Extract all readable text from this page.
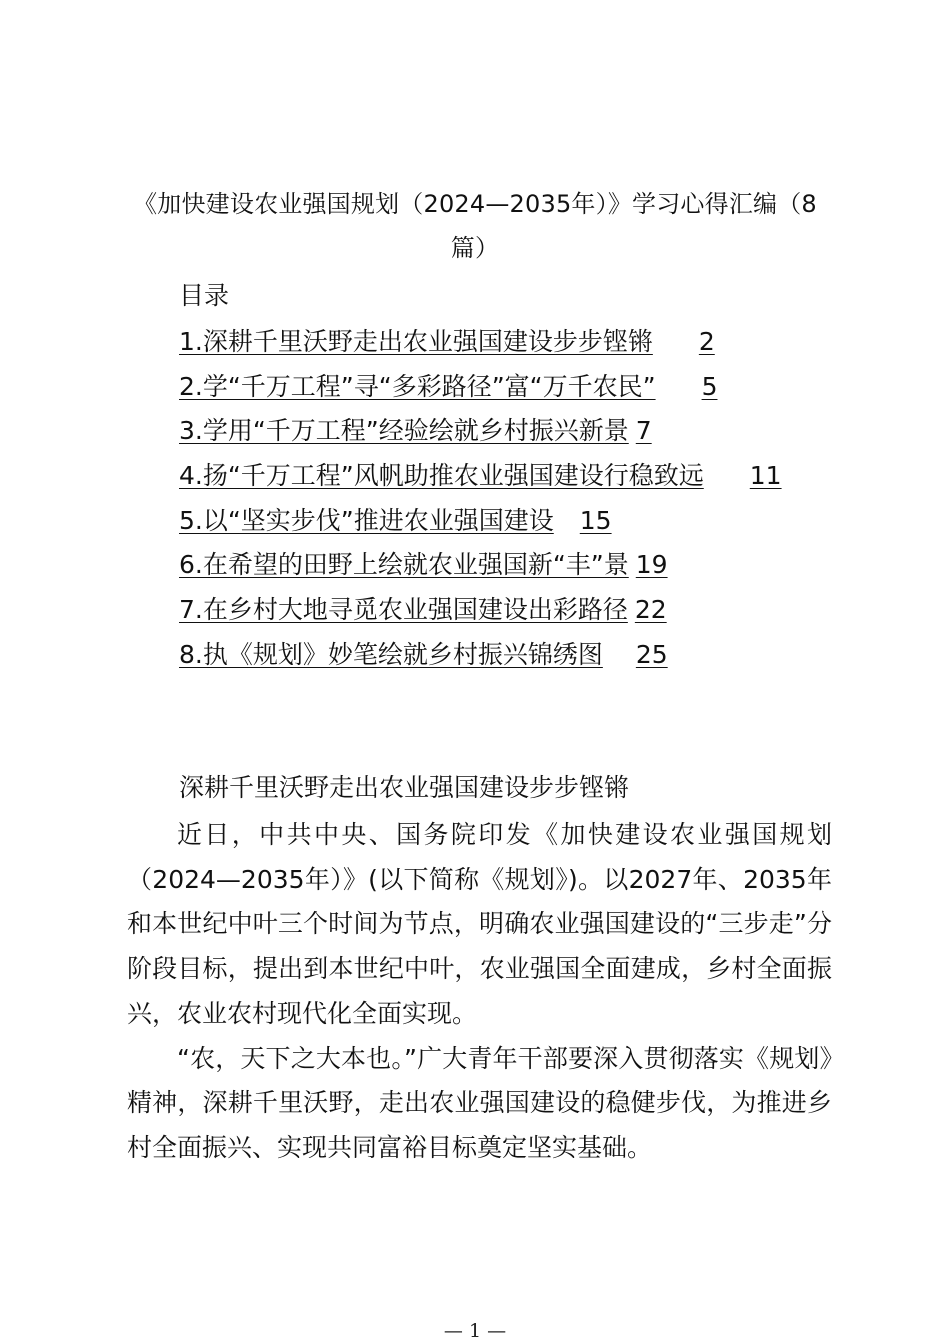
《加快建设农业强国规划（2024—2035年）》学习心得汇编（8篇）
目录
1.深耕千里沃野走出农业强国建设步步铿锵 2
2.学“千万工程”寻“多彩路径”富“万千农民” 5
3.学用“千万工程”经验绘就乡村振兴新景 7
4.扬“千万工程”风帆助推农业强国建设行稳致远 11
5.以“坚实步伐”推进农业强国建设 15
6.在希望的田野上绘就农业强国新“丰”景 19
7.在乡村大地寻觅农业强国建设出彩路径 22
8.执《规划》妙笔绘就乡村振兴锦绣图 25
深耕千里沃野走出农业强国建设步步铿锵

近日，中共中央、国务院印发《加快建设农业强国规划（2024—2035年）》(以下简称《规划》)。以2027年、2035年和本世纪中叶三个时间为节点，明确农业强国建设的“三步走”分阶段目标，提出到本世纪中叶，农业强国全面建成，乡村全面振兴，农业农村现代化全面实现。

“农，天下之大本也。”广大青年干部要深入贯彻落实《规划》精神，深耕千里沃野，走出农业强国建设的稳健步伐，为推进乡村全面振兴、实现共同富裕目标奠定坚实基础。

— 1 —
